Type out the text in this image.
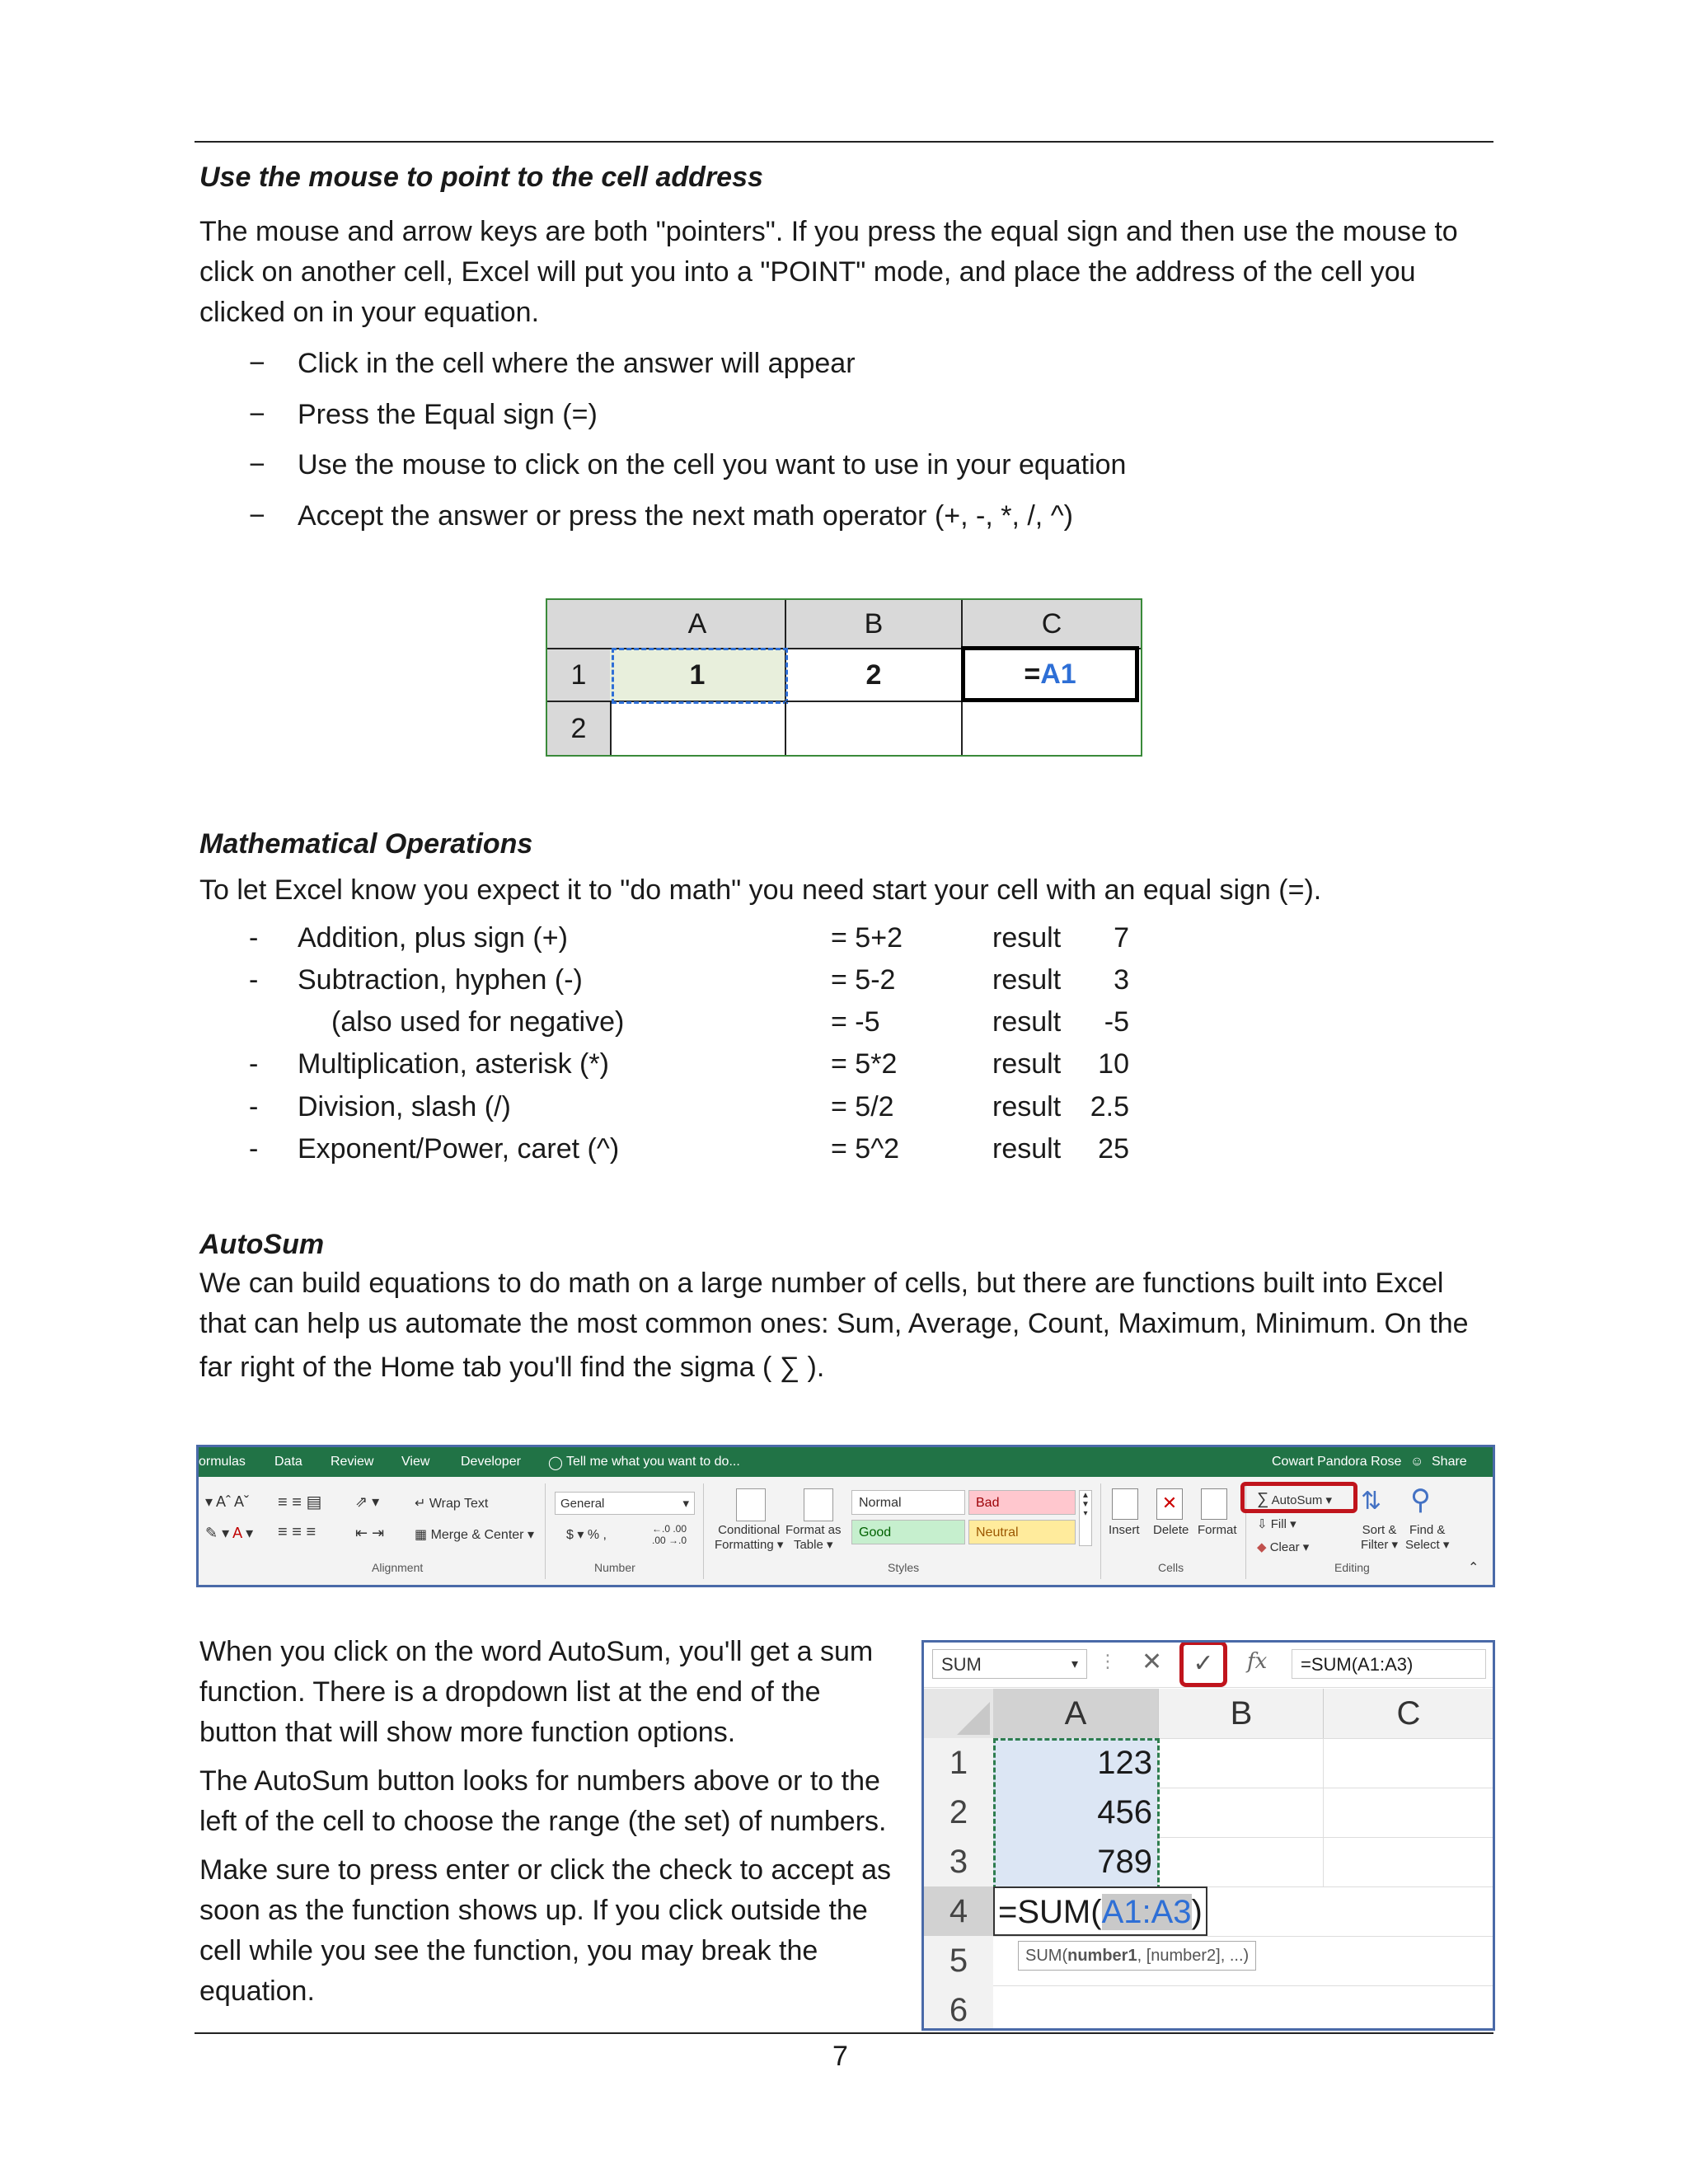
Use the mouse to point to the cell address
The mouse and arrow keys are both "pointers". If you press the equal sign and then use the mouse to
click on another cell, Excel will put you into a "POINT" mode, and place the address of the cell you
clicked on in your equation.
− Click in the cell where the answer will appear
− Press the Equal sign (=)
− Use the mouse to click on the cell you want to use in your equation
− Accept the answer or press the next math operator (+, -, *, /, ^)
A	B	C
1	1	2	=A1
2
Mathematical Operations
To let Excel know you expect it to "do math" you need start your cell with an equal sign (=).
- Addition, plus sign (+)	= 5+2	result	7
- Subtraction, hyphen (-)	= 5-2	result	3
(also used for negative)	= -5	result	-5
- Multiplication, asterisk (*)	= 5*2	result	10
- Division, slash (/)	= 5/2	result	2.5
- Exponent/Power, caret (^)	= 5^2	result	25
AutoSum
We can build equations to do math on a large number of cells, but there are functions built into Excel
that can help us automate the most common ones: Sum, Average, Count, Maximum, Minimum. On the
far right of the Home tab you'll find the sigma ( ∑ ).
ormulas Data Review View Developer ◯ Tell me what you want to do...	Cowart Pandora Rose ☺ Share
▾ Aˆ Aˇ
✎ ▾ A ▾
≡ ≡ ▤
≡ ≡ ≡
⇗ ▾
⇤ ⇥
↵ Wrap Text
▦ Merge & Center ▾
Alignment
General	▾
$ ▾ % ,	←.0 .00
.00 →.0
Number
Conditional
Formatting ▾
Format as
Table ▾
Normal	Bad
Good	Neutral
▲
▼
▾
Styles
Insert
✕
Delete Format
Cells
∑ AutoSum ▾
⇩ Fill ▾
◆ Clear ▾
⇅
Sort &
Filter ▾
⚲
Find &
Select ▾
Editing	⌃
When you click on the word AutoSum, you'll get a sum
function. There is a dropdown list at the end of the
button that will show more function options.
The AutoSum button looks for numbers above or to the
left of the cell to choose the range (the set) of numbers.
Make sure to press enter or click the check to accept as
soon as the function shows up. If you click outside the
cell while you see the function, you may break the
equation.
SUM	▾ ⋮ ✕	✓	fx	=SUM(A1:A3)
A	B	C
1	123
2	456
3	789
4 =SUM(A1:A3)
5	SUM(number1, [number2], ...)
6
7
